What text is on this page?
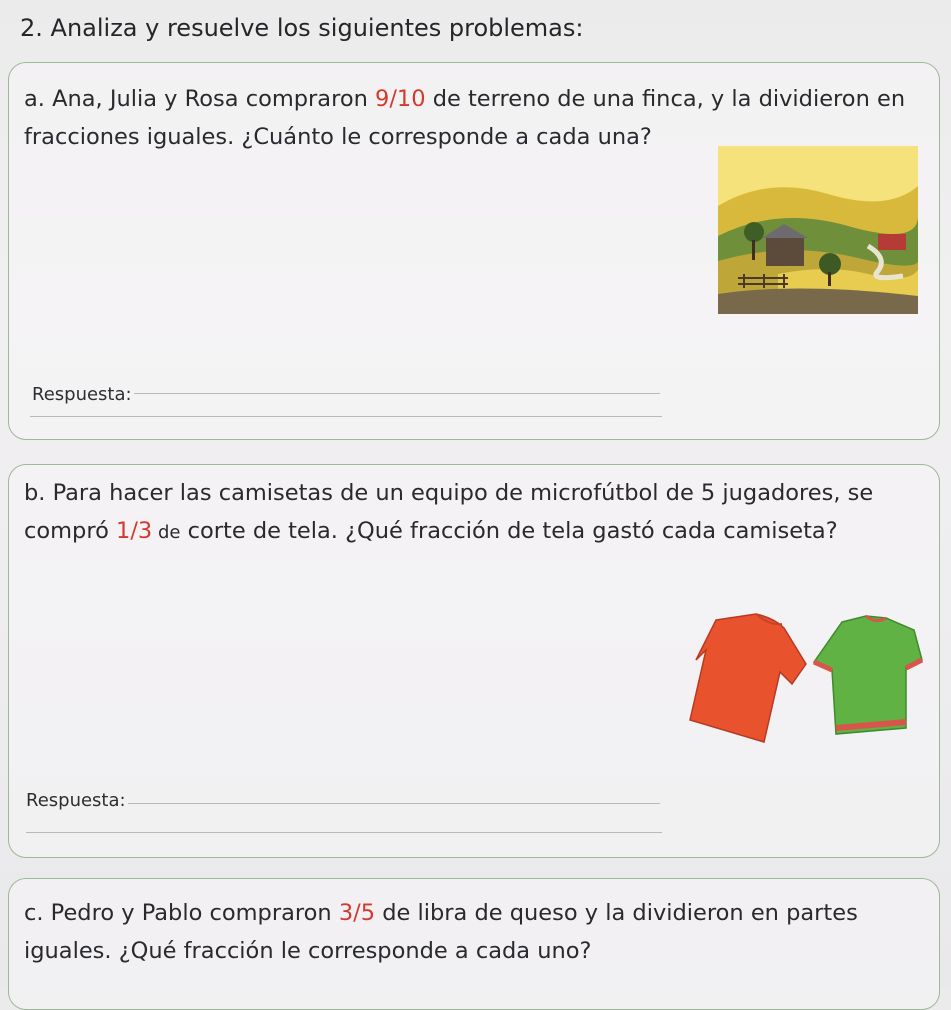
2. Analiza y resuelve los siguientes problemas:
a. Ana, Julia y Rosa compraron 9/10 de terreno de una finca, y la dividieron en fracciones iguales. ¿Cuánto le corresponde a cada una?
Respuesta:
b. Para hacer las camisetas de un equipo de microfútbol de 5 jugadores, se compró 1/3 de corte de tela. ¿Qué fracción de tela gastó cada camiseta?
Respuesta:
c. Pedro y Pablo compraron 3/5 de libra de queso y la dividieron en partes iguales. ¿Qué fracción le corresponde a cada uno?
